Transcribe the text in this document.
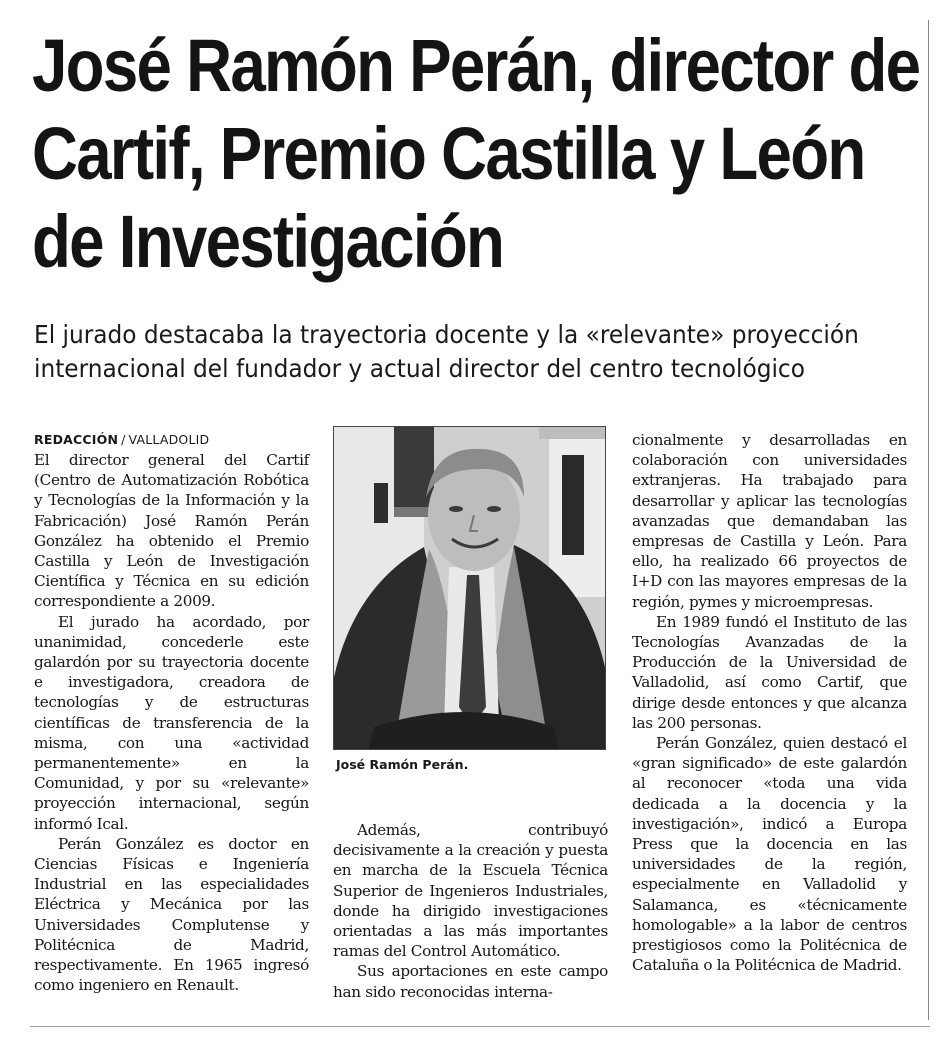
José Ramón Perán, director de Cartif, Premio Castilla y León de Investigación

El jurado destacaba la trayectoria docente y la «relevante» proyección internacional del fundador y actual director del centro tecnológico

REDACCIÓN / VALLADOLID

El director general del Cartif (Centro de Automatización Robótica y Tecnologías de la Información y la Fabricación) José Ramón Perán González ha obtenido el Premio Castilla y León de Investigación Científica y Técnica en su edición correspondiente a 2009.

El jurado ha acordado, por unanimidad, concederle este galardón por su trayectoria docente e investigadora, creadora de tecnologías y de estructuras científicas de transferencia de la misma, con una «actividad permanentemente» en la Comunidad, y por su «relevante» proyección internacional, según informó Ical.

Perán González es doctor en Ciencias Físicas e Ingeniería Industrial en las especialidades Eléctrica y Mecánica por las Universidades Complutense y Politécnica de Madrid, respectivamente. En 1965 ingresó como ingeniero en Renault.

José Ramón Perán.

Además, contribuyó decisivamente a la creación y puesta en marcha de la Escuela Técnica Superior de Ingenieros Industriales, donde ha dirigido investigaciones orientadas a las más importantes ramas del Control Automático.

Sus aportaciones en este campo han sido reconocidas interna-

cionalmente y desarrolladas en colaboración con universidades extranjeras. Ha trabajado para desarrollar y aplicar las tecnologías avanzadas que demandaban las empresas de Castilla y León. Para ello, ha realizado 66 proyectos de I+D con las mayores empresas de la región, pymes y microempresas.

En 1989 fundó el Instituto de las Tecnologías Avanzadas de la Producción de la Universidad de Valladolid, así como Cartif, que dirige desde entonces y que alcanza las 200 personas.

Perán González, quien destacó el «gran significado» de este galardón al reconocer «toda una vida dedicada a la docencia y la investigación», indicó a Europa Press que la docencia en las universidades de la región, especialmente en Valladolid y Salamanca, es «técnicamente homologable» a la labor de centros prestigiosos como la Politécnica de Cataluña o la Politécnica de Madrid.
